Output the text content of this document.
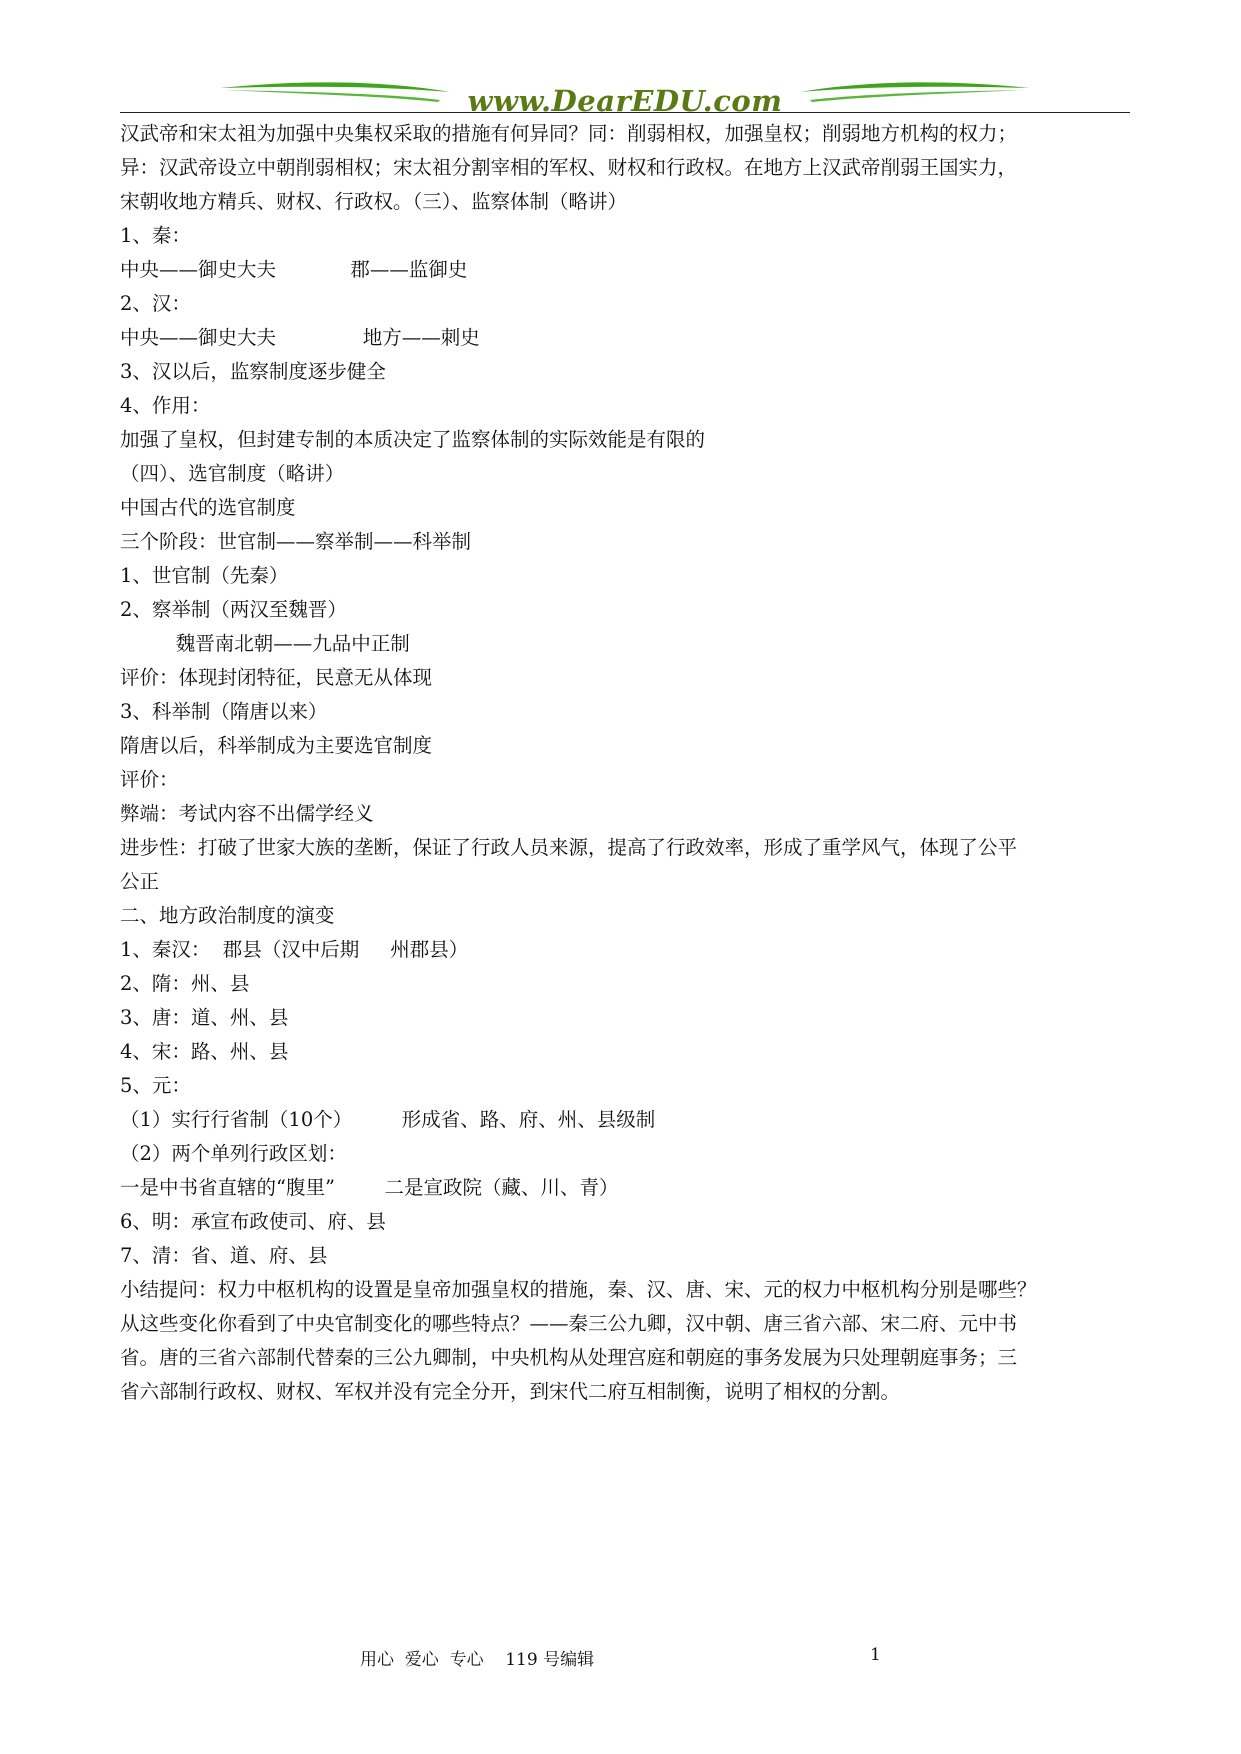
www.DearEDU.com
汉武帝和宋太祖为加强中央集权采取的措施有何异同？同：削弱相权，加强皇权；削弱地方机构的权力；
异：汉武帝设立中朝削弱相权；宋太祖分割宰相的军权、财权和行政权。在地方上汉武帝削弱王国实力，
宋朝收地方精兵、财权、行政权。（三）、监察体制（略讲）
1、秦：
中央——御史大夫            郡——监御史
2、汉：
中央——御史大夫              地方——刺史
3、汉以后，监察制度逐步健全
4、作用：
加强了皇权，但封建专制的本质决定了监察体制的实际效能是有限的
（四）、选官制度（略讲）
中国古代的选官制度
三个阶段：世官制——察举制——科举制
1、世官制（先秦）
2、察举制（两汉至魏晋）
魏晋南北朝——九品中正制
评价：体现封闭特征，民意无从体现
3、科举制（隋唐以来）
隋唐以后，科举制成为主要选官制度
评价：
弊端：考试内容不出儒学经义
进步性：打破了世家大族的垄断，保证了行政人员来源，提高了行政效率，形成了重学风气，体现了公平
公正
二、地方政治制度的演变
1、秦汉：  郡县（汉中后期     州郡县）
2、隋：州、县
3、唐：道、州、县
4、宋：路、州、县
5、元：
（1）实行行省制（10个）        形成省、路、府、州、县级制
（2）两个单列行政区划：
一是中书省直辖的“腹里”        二是宣政院（藏、川、青）
6、明：承宣布政使司、府、县
7、清：省、道、府、县
小结提问：权力中枢机构的设置是皇帝加强皇权的措施，秦、汉、唐、宋、元的权力中枢机构分别是哪些？
从这些变化你看到了中央官制变化的哪些特点？——秦三公九卿，汉中朝、唐三省六部、宋二府、元中书
省。唐的三省六部制代替秦的三公九卿制，中央机构从处理宫庭和朝庭的事务发展为只处理朝庭事务；三
省六部制行政权、财权、军权并没有完全分开，到宋代二府互相制衡，说明了相权的分割。
用心  爱心  专心    119 号编辑	1
